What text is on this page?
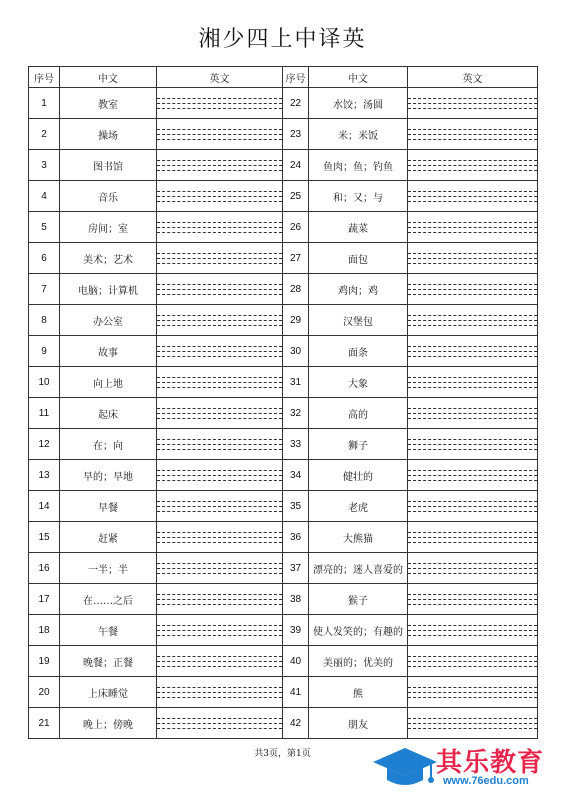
湘少四上中译英
序号	中文	英文	序号	中文	英文
1	教室		22	水饺；汤圆	

2	操场		23	米；米饭	

3	图书馆		24	鱼肉；鱼；钓鱼	

4	音乐		25	和；又；与	

5	房间；室		26	蔬菜	

6	美术；艺术		27	面包	

7	电脑；计算机		28	鸡肉；鸡	

8	办公室		29	汉堡包	

9	故事		30	面条	

10	向上地		31	大象	

11	起床		32	高的	

12	在；向		33	狮子	

13	早的；早地		34	健壮的	

14	早餐		35	老虎	

15	赶紧		36	大熊猫	

16	一半；半		37	漂亮的；迷人喜爱的	

17	在……之后		38	猴子	

18	午餐		39	使人发笑的；有趣的	

19	晚餐；正餐		40	美丽的；优美的	

20	上床睡觉		41	熊	

21	晚上；傍晚		42	朋友	
共3页，第1页	其乐教育
www.76edu.com
